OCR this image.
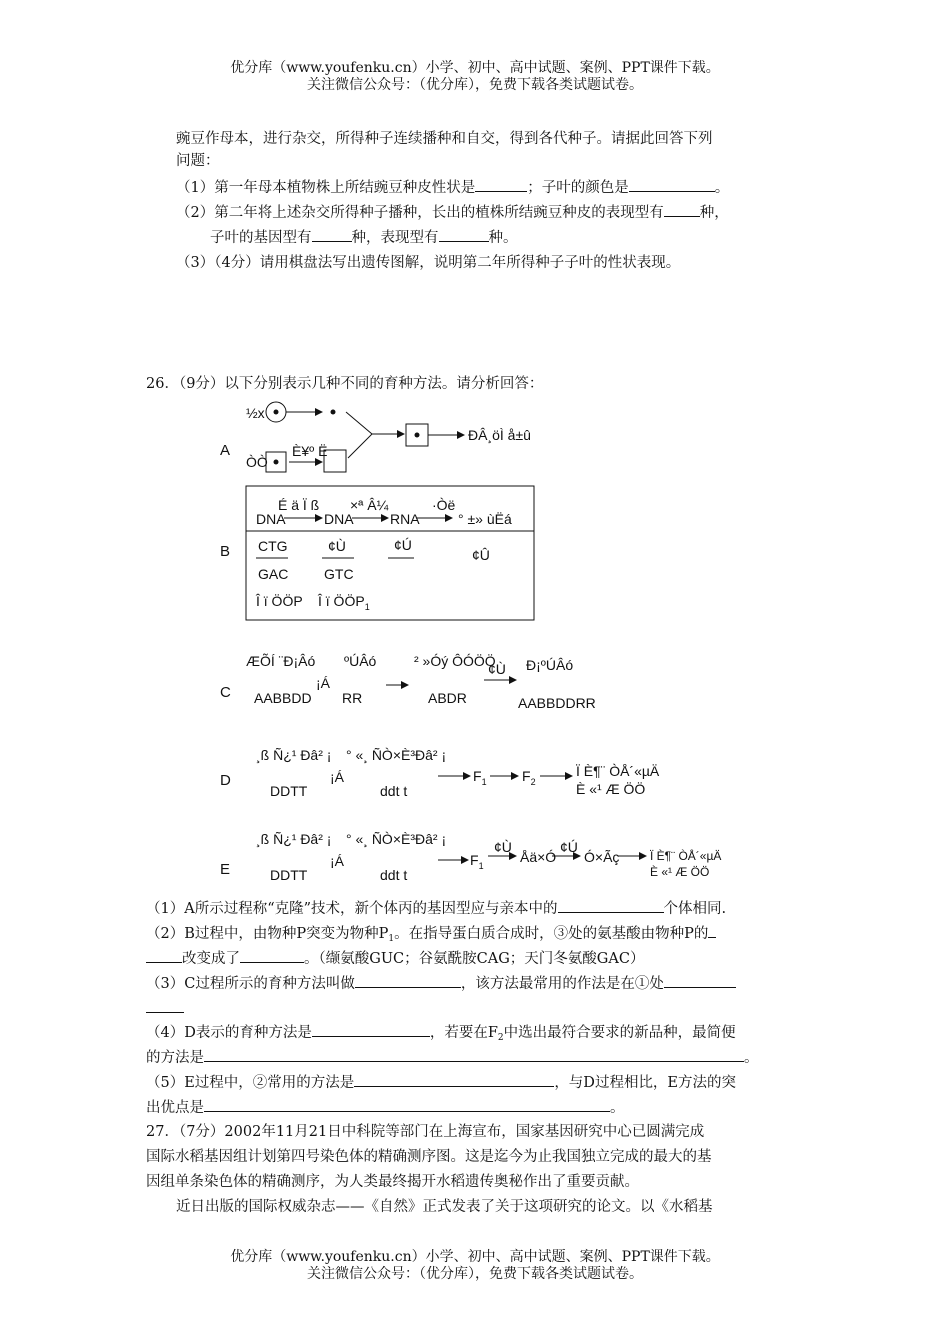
优分库（www.youfenku.cn）小学、初中、高中试题、案例、PPT课件下载。
关注微信公众号：（优分库），免费下载各类试题试卷。
豌豆作母本，进行杂交，所得种子连续播种和自交，得到各代种子。请据此回答下列
问题：
（1）第一年母本植物株上所结豌豆种皮性状是	；子叶的颜色是	。
（2）第二年将上述杂交所得种子播种，长出的植株所结豌豆种皮的表现型有 种，
子叶的基因型有	种，表现型有	种。
（3）（4分）请用棋盘法写出遗传图解，说明第二年所得种子子叶的性状表现。
26．（9分）以下分别表示几种不同的育种方法。请分析回答：
A
B
C
D
E
½x
ÒÒ
È¥º Ë
ÐÂ¸öÌ å±û
DNA
É ä Ï ß
DNA
×ª Â¼
RNA
·Òë
° ±» ùËá
CTG
GAC
¢Ù
GTC
¢Ú
¢Û
Î ï ÖÖP Î ï $ÖÖP_1$
ÆÕÍ ¨Ð¡Âó
AABBDD
¡Á
ºÚÂó
RR
² »Óý ÔÓÖÖ
ABDR
¢Ù Ð¡ºÚÂó
AABBDDRR
¸ß Ñ¿¹ Ðâ² ¡
DDTT
¡Á
° «¸ ÑÒ×È³Ðâ² ¡
ddt t
$F_1$	$F_2$
Ï È¶¨ ÒÅ´«µÄ
È «¹ Æ ÖÖ
¸ß Ñ¿¹ Ðâ² ¡
DDTT
¡Á
° «¸ ÑÒ×È³Ðâ² ¡
ddt t
$F_1$
¢Ù
Åä×Ó
¢Ú
Ó×Ãç	Ï È¶¨ ÒÅ´«µÄ
È «¹ Æ ÖÖ
（1）A所示过程称“克隆”技术，新个体丙的基因型应与亲本中的	个体相同.
（2）B过程中，由物种P突变为物种$P_1$。在指导蛋白质合成时，③处的氨基酸由物种P的
改变成了	。（缬氨酸GUC；谷氨酰胺CAG；天门冬氨酸GAC）
（3）C过程所示的育种方法叫做	，该方法最常用的作法是在①处
（4）D表示的育种方法是	，若要在$F_2$中选出最符合要求的新品种，最简便
的方法是	。
（5）E过程中，②常用的方法是	，与D过程相比，E方法的突
出优点是	。
27．（7分）2002年11月21日中科院等部门在上海宣布，国家基因研究中心已圆满完成
国际水稻基因组计划第四号染色体的精确测序图。这是迄今为止我国独立完成的最大的基
因组单条染色体的精确测序，为人类最终揭开水稻遗传奥秘作出了重要贡献。
近日出版的国际权威杂志——《自然》正式发表了关于这项研究的论文。以《水稻基
优分库（www.youfenku.cn）小学、初中、高中试题、案例、PPT课件下载。
关注微信公众号：（优分库），免费下载各类试题试卷。
